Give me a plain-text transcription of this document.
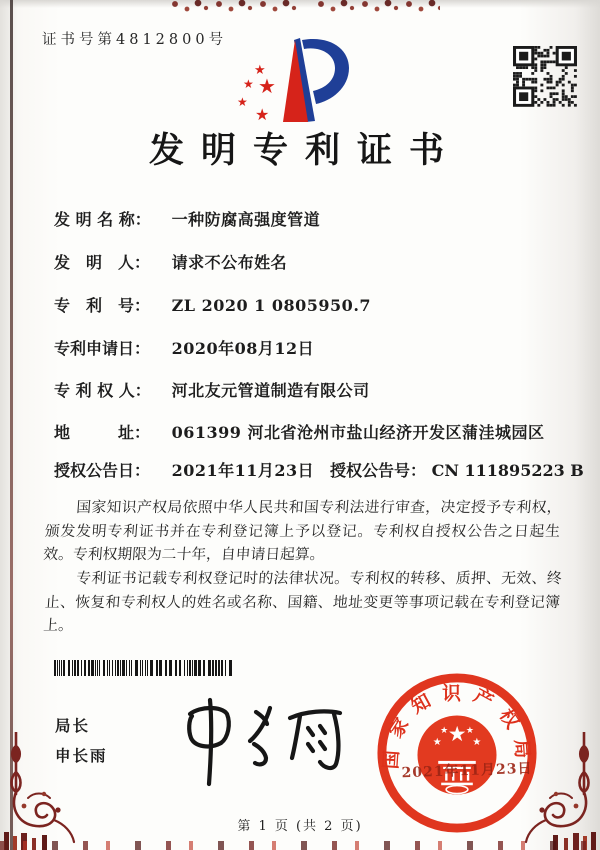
证书号第4812800号
★
★ ★
★
★
发明专利证书
发 明 名 称： 一种防腐高强度管道
发　明　人： 请求不公布姓名
专　利　号： ZL 2020 1 0805950.7
专利申请日： 2020年08月12日
专 利 权 人： 河北友元管道制造有限公司
地　　　址： 061399 河北省沧州市盐山经济开发区蒲洼城园区
授权公告日： 2021年11月23日 授权公告号： CN 111895223 B

国家知识产权局依照中华人民共和国专利法进行审查，决定授予专利权，颁发发明专利证书并在专利登记簿上予以登记。专利权自授权公告之日起生效。专利权期限为二十年，自申请日起算。

专利证书记载专利权登记时的法律状况。专利权的转移、质押、无效、终止、恢复和专利权人的姓名或名称、国籍、地址变更等事项记载在专利登记簿上。

局长
申长雨	国家知识产权局
★
★	★
★ ★
2021年11月23日
第 1 页 (共 2 页)
